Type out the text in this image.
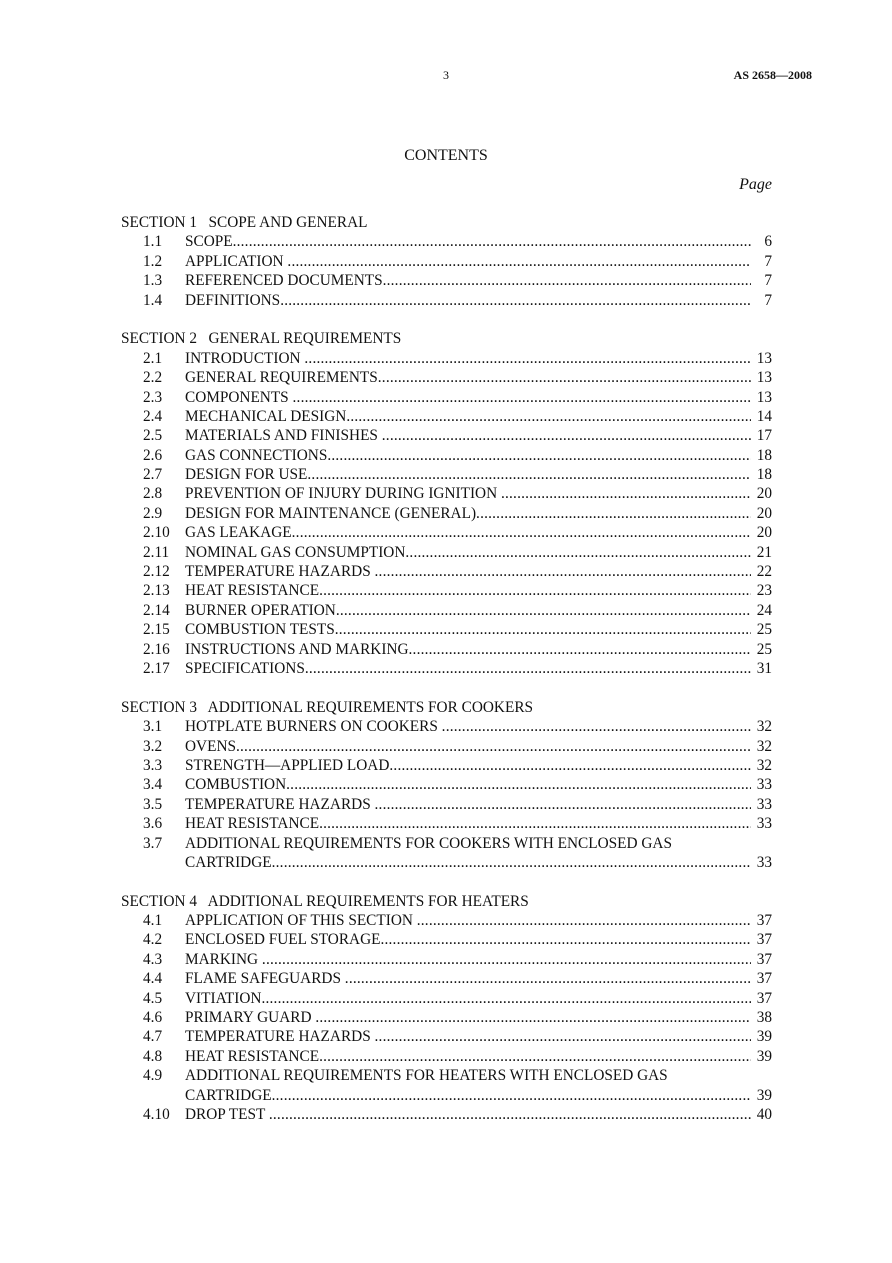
3	AS 2658—2008
CONTENTS
Page
SECTION 1   SCOPE AND GENERAL
1.1	SCOPE .....	6
1.2	APPLICATION .....	7
1.3	REFERENCED DOCUMENTS .....	7
1.4	DEFINITIONS .....	7
SECTION 2   GENERAL REQUIREMENTS
2.1	INTRODUCTION .....	13
2.2	GENERAL REQUIREMENTS .....	13
2.3	COMPONENTS .....	13
2.4	MECHANICAL DESIGN .....	14
2.5	MATERIALS AND FINISHES .....	17
2.6	GAS CONNECTIONS .....	18
2.7	DESIGN FOR USE .....	18
2.8	PREVENTION OF INJURY DURING IGNITION .....	20
2.9	DESIGN FOR MAINTENANCE (GENERAL) .....	20
2.10 GAS LEAKAGE .....	20
2.11	NOMINAL GAS CONSUMPTION .....	21
2.12 TEMPERATURE HAZARDS .....	22
2.13 HEAT RESISTANCE .....	23
2.14 BURNER OPERATION .....	24
2.15 COMBUSTION TESTS .....	25
2.16 INSTRUCTIONS AND MARKING .....	25
2.17 SPECIFICATIONS .....	31
SECTION 3   ADDITIONAL REQUIREMENTS FOR COOKERS
3.1	HOTPLATE BURNERS ON COOKERS .....	32
3.2	OVENS .....	32
3.3	STRENGTH—APPLIED LOAD .....	32
3.4	COMBUSTION .....	33
3.5	TEMPERATURE HAZARDS .....	33
3.6	HEAT RESISTANCE .....	33
3.7 ADDITIONAL REQUIREMENTS FOR COOKERS WITH ENCLOSED GAS
CARTRIDGE .....	33
SECTION 4   ADDITIONAL REQUIREMENTS FOR HEATERS
4.1	APPLICATION OF THIS SECTION .....	37
4.2	ENCLOSED FUEL STORAGE .....	37
4.3	MARKING .....	37
4.4	FLAME SAFEGUARDS .....	37
4.5	VITIATION .....	37
4.6	PRIMARY GUARD .....	38
4.7	TEMPERATURE HAZARDS .....	39
4.8	HEAT RESISTANCE .....	39
4.9 ADDITIONAL REQUIREMENTS FOR HEATERS WITH ENCLOSED GAS
CARTRIDGE .....	39
4.10 DROP TEST .....	40
